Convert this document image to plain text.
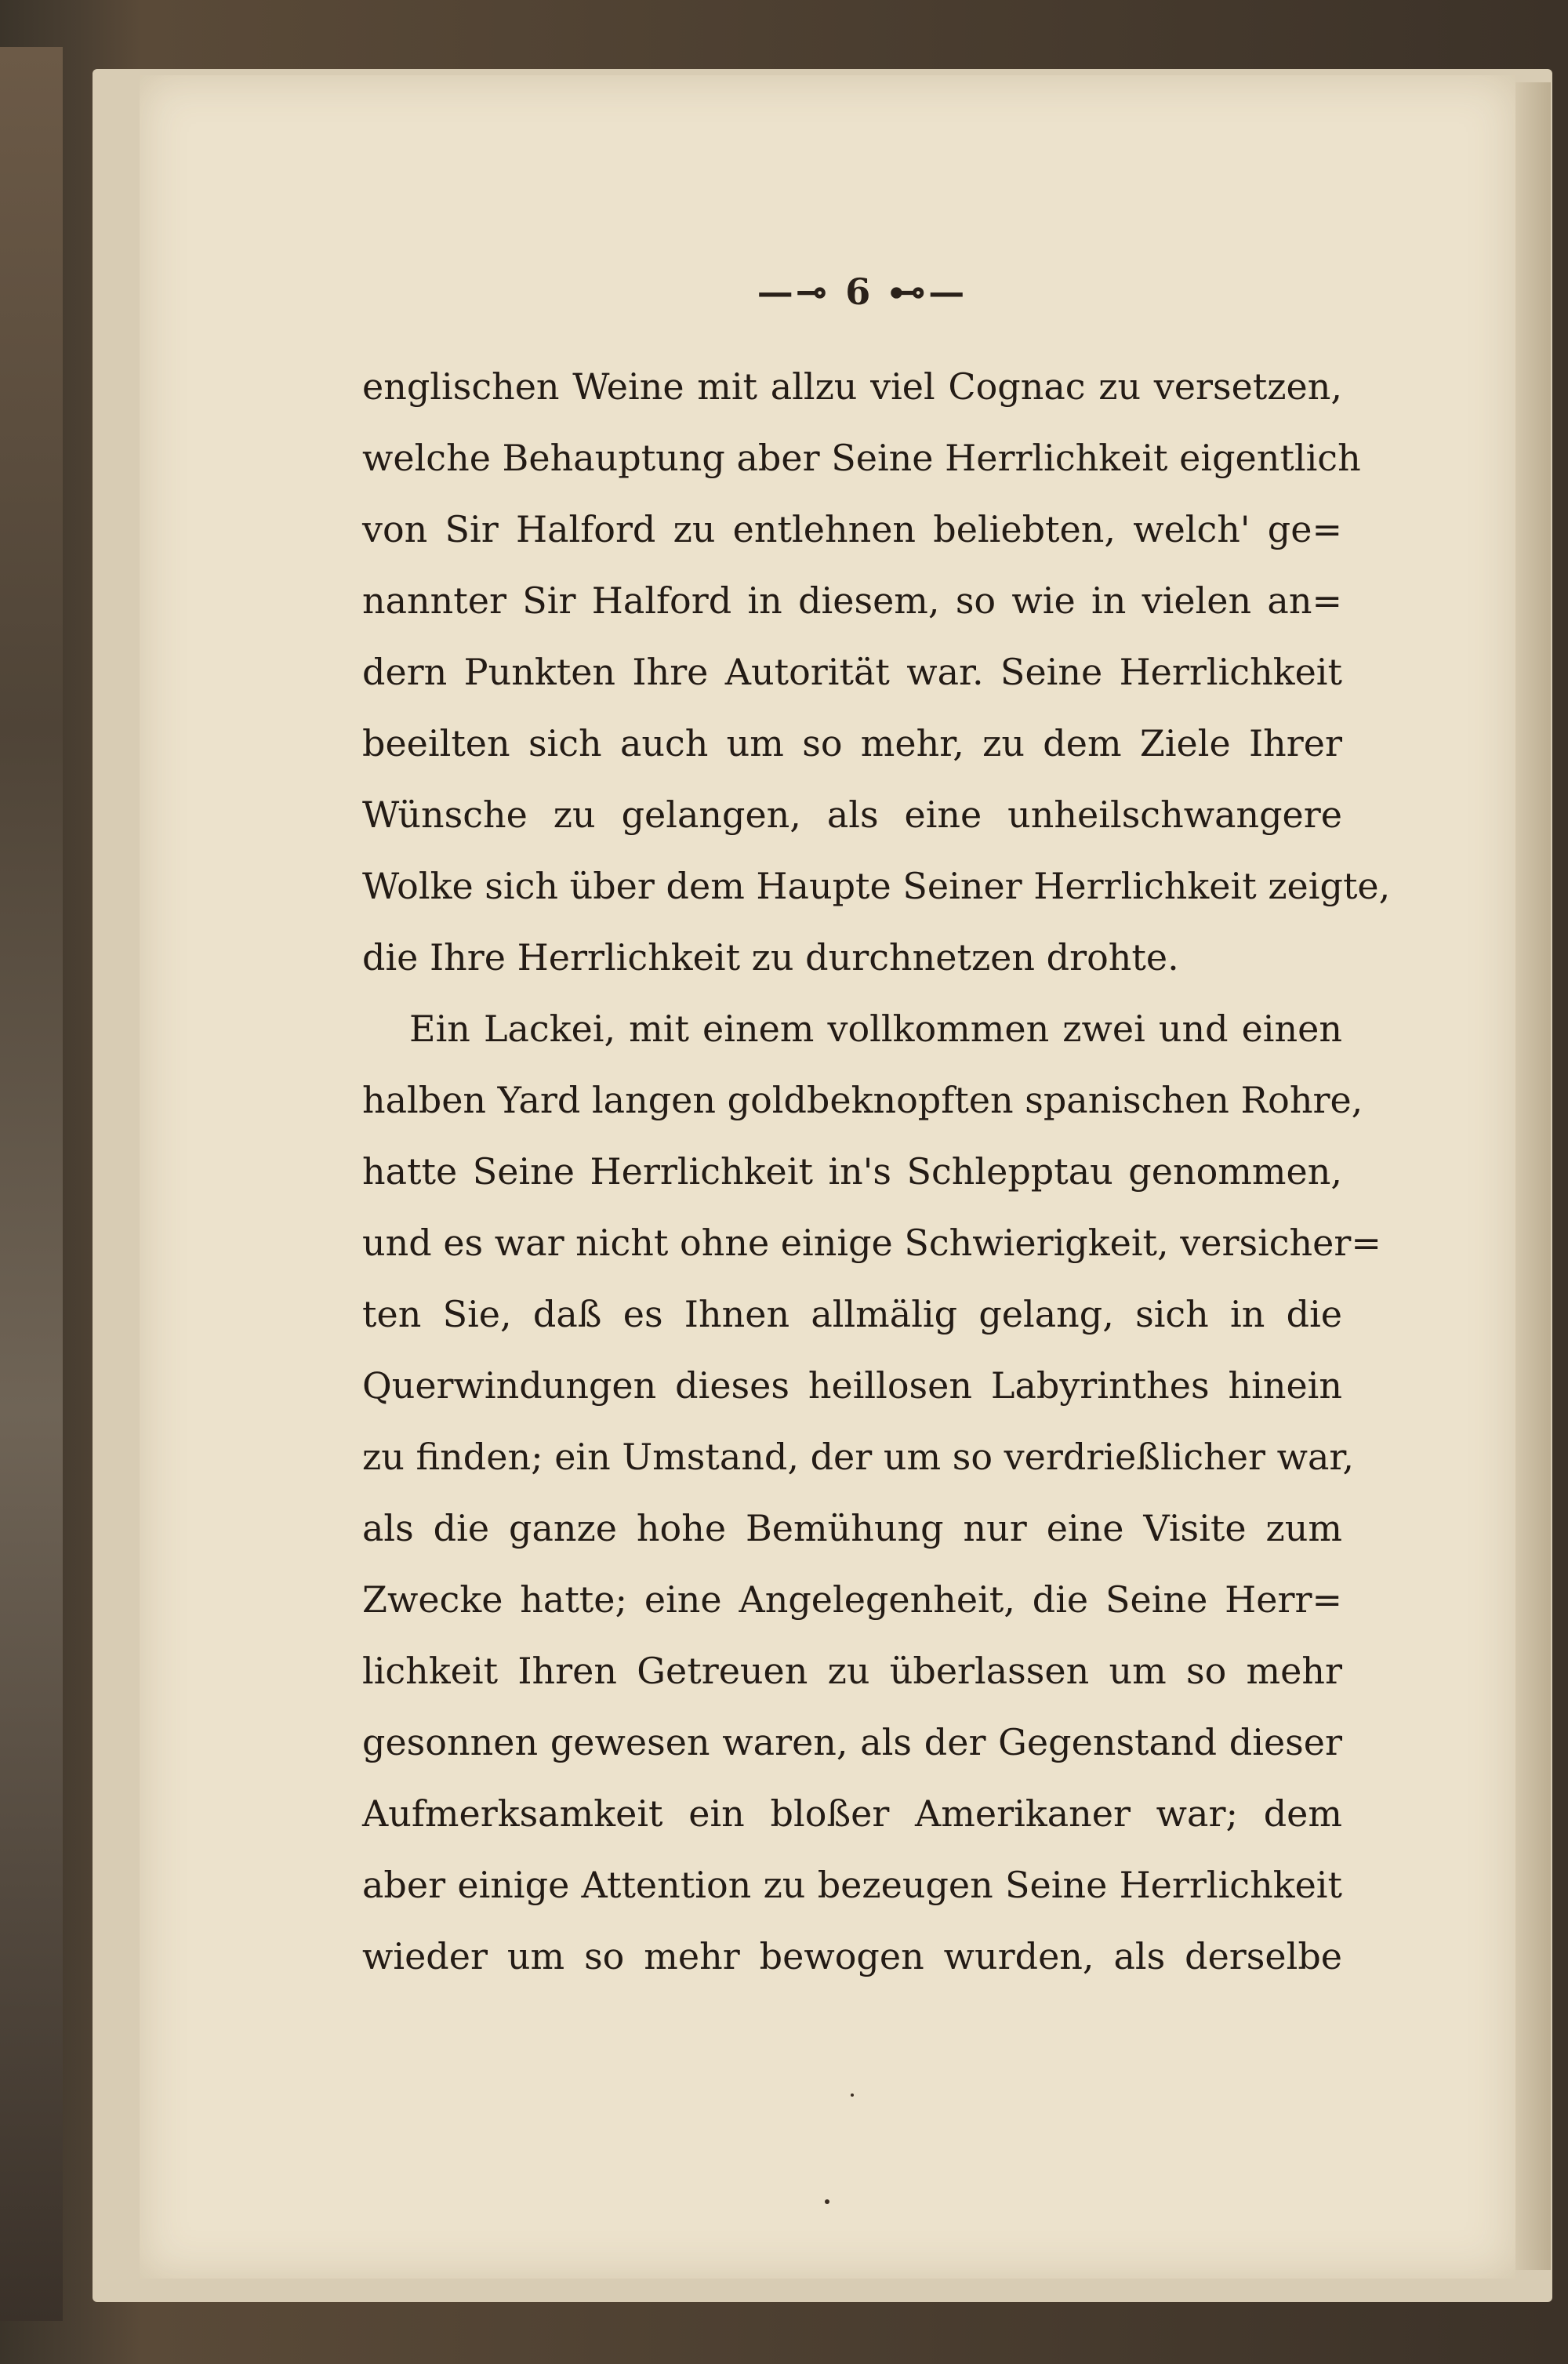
—⊸ 6 ⊷—
englischen Weine mit allzu viel Cognac zu versetzen,
welche Behauptung aber Seine Herrlichkeit eigentlich
von Sir Halford zu entlehnen beliebten, welch' ge=
nannter Sir Halford in diesem, so wie in vielen an=
dern Punkten Ihre Autorität war. Seine Herrlichkeit
beeilten sich auch um so mehr, zu dem Ziele Ihrer
Wünsche zu gelangen, als eine unheilschwangere
Wolke sich über dem Haupte Seiner Herrlichkeit zeigte,
die Ihre Herrlichkeit zu durchnetzen drohte.
Ein Lackei, mit einem vollkommen zwei und einen
halben Yard langen goldbeknopften spanischen Rohre,
hatte Seine Herrlichkeit in's Schlepptau genommen,
und es war nicht ohne einige Schwierigkeit, versicher=
ten Sie, daß es Ihnen allmälig gelang, sich in die
Querwindungen dieses heillosen Labyrinthes hinein
zu finden; ein Umstand, der um so verdrießlicher war,
als die ganze hohe Bemühung nur eine Visite zum
Zwecke hatte; eine Angelegenheit, die Seine Herr=
lichkeit Ihren Getreuen zu überlassen um so mehr
gesonnen gewesen waren, als der Gegenstand dieser
Aufmerksamkeit ein bloßer Amerikaner war; dem
aber einige Attention zu bezeugen Seine Herrlichkeit
wieder um so mehr bewogen wurden, als derselbe
